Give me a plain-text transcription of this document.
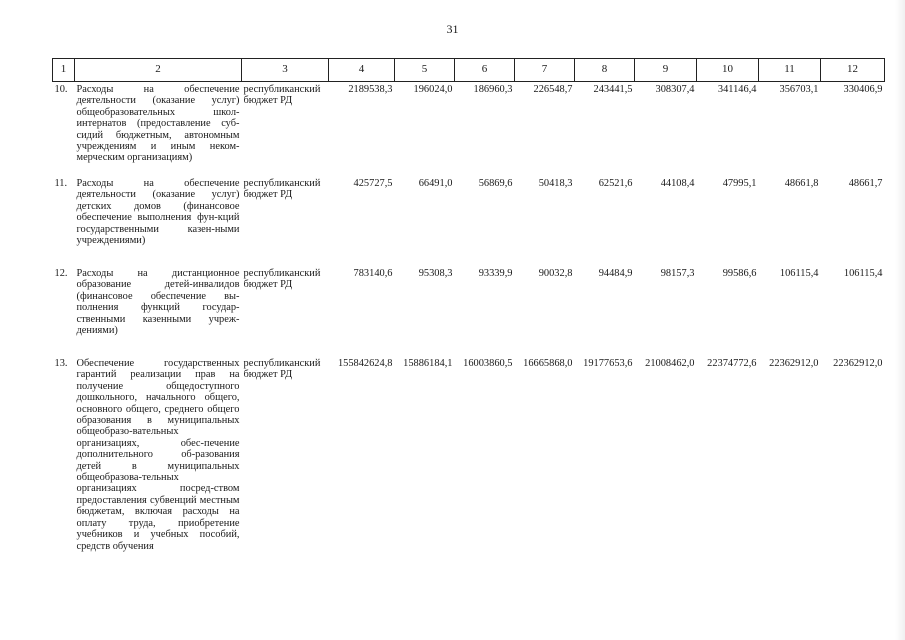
31
1	2	3	4	5	6	7	8	9	10	11	12
10.	Расходы на обеспечение деятельности (оказание услуг) общеобразовательных школ-интернатов (предоставление суб-сидий бюджетным, автономным учреждениям и иным неком-мерческим организациям)	республиканский бюджет РД	2189538,3	196024,0	186960,3	226548,7	243441,5	308307,4	341146,4	356703,1	330406,9
11.	Расходы на обеспечение деятельности (оказание услуг) детских домов (финансовое обеспечение выполнения фун-кций государственными казен-ными учреждениями)	республиканский бюджет РД	425727,5	66491,0	56869,6	50418,3	62521,6	44108,4	47995,1	48661,8	48661,7
12.	Расходы на дистанционное образование детей-инвалидов (финансовое обеспечение вы-полнения функций государ-ственными казенными учреж-дениями)	республиканский бюджет РД	783140,6	95308,3	93339,9	90032,8	94484,9	98157,3	99586,6	106115,4	106115,4
13.	Обеспечение государственных гарантий реализации прав на получение общедоступного дошкольного, начального общего, основного общего, среднего общего образования в муниципальных общеобразо-вательных организациях, обес-печение дополнительного об-разования детей в муниципальных общеобразова-тельных организациях посред-ством предоставления субвенций местным бюджетам, включая расходы на оплату труда, приобретение учебников и учебных пособий, средств обучения	республиканский бюджет РД	155842624,8	15886184,1	16003860,5	16665868,0	19177653,6	21008462,0	22374772,6	22362912,0	22362912,0
